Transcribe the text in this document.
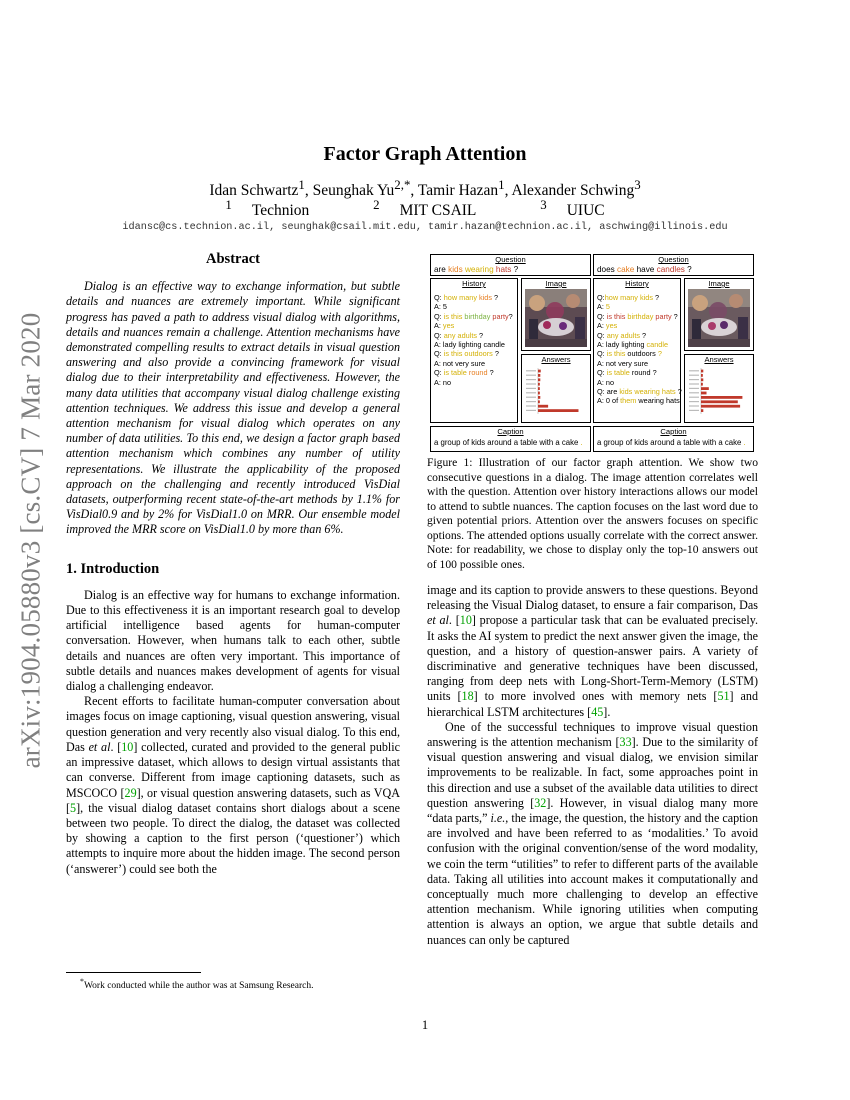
arXiv:1904.05880v3 [cs.CV] 7 Mar 2020
Factor Graph Attention
Idan Schwartz$^1$, Seunghak $Yu^{2,*}$, Tamir Hazan$^1$, Alexander Schwing$^3$
$^1$ Technion	$^2$ MIT CSAIL	$^3$ UIUC
idansc@cs.technion.ac.il, seunghak@csail.mit.edu, tamir.hazan@technion.ac.il, aschwing@illinois.edu
Abstract
Dialog is an effective way to exchange information, but subtle details and nuances are extremely important. While significant progress has paved a path to address visual dialog with algorithms, details and nuances remain a challenge. Attention mechanisms have demonstrated compelling results to extract details in visual question answering and also provide a convincing framework for visual dialog due to their interpretability and effectiveness. However, the many data utilities that accompany visual dialog challenge existing attention techniques. We address this issue and develop a general attention mechanism for visual dialog which operates on any number of data utilities. To this end, we design a factor graph based attention mechanism which combines any number of utility representations. We illustrate the applicability of the proposed approach on the challenging and recently introduced VisDial datasets, outperforming recent state-of-the-art methods by 1.1% for VisDial0.9 and by 2% for VisDial1.0 on MRR. Our ensemble model improved the MRR score on VisDial1.0 by more than 6%.
1. Introduction

Dialog is an effective way for humans to exchange information. Due to this effectiveness it is an important research goal to develop artificial intelligence based agents for human-computer conversation. However, when humans talk to each other, subtle details and nuances are often very important. This importance of subtle details and nuances makes development of agents for visual dialog a challenging endeavor.

Recent efforts to facilitate human-computer conversation about images focus on image captioning, visual question answering, visual question generation and very recently also visual dialog. To this end, Das et al. [10] collected, curated and provided to the general public an impressive dataset, which allows to design virtual assistants that can converse. Different from image captioning datasets, such as MSCOCO [29], or visual question answering datasets, such as VQA [5], the visual dialog dataset contains short dialogs about a scene between two people. To direct the dialog, the dataset was collected by showing a caption to the first person (‘questioner’) which attempts to inquire more about the hidden image. The second person (‘answerer’) could see both the

*Work conducted while the author was at Samsung Research.
Question
are kids wearing hats ?
History
Q: how many kids ?
A: 5
Q: is this birthday party?
A: yes
Q: any adults ?
A: lady lighting candle
Q: is this outdoors ?
A: not very sure
Q: is table round ?
A: no
Image
Answers
Caption
a group of kids around a table with a cake .
Question
does cake have candles ?
History
Q:how many kids ?
A: 5
Q: is this birthday party ?
A: yes
Q: any adults ?
A: lady lighting candle
Q: is this outdoors ?
A: not very sure
Q: is table round ?
A: no
Q: are kids wearing hats ?
A: 0 of them wearing hats
Image
Answers
Caption
a group of kids around a table with a cake .
Figure 1: Illustration of our factor graph attention. We show two consecutive questions in a dialog. The image attention correlates well with the question. Attention over history interactions allows our model to attend to subtle nuances. The caption focuses on the last word due to given potential priors. Attention over the answers focuses on specific options. The attended options usually correlate with the correct answer. Note: for readability, we chose to display only the top-10 answers out of 100 possible ones.

image and its caption to provide answers to these questions. Beyond releasing the Visual Dialog dataset, to ensure a fair comparison, Das et al. [10] propose a particular task that can be evaluated precisely. It asks the AI system to predict the next answer given the image, the question, and a history of question-answer pairs. A variety of discriminative and generative techniques have been discussed, ranging from deep nets with Long-Short-Term-Memory (LSTM) units [18] to more involved ones with memory nets [51] and hierarchical LSTM architectures [45].

One of the successful techniques to improve visual question answering is the attention mechanism [33]. Due to the similarity of visual question answering and visual dialog, we envision similar improvements to be realizable. In fact, some approaches point in this direction and use a subset of the available data utilities to direct question answering [32]. However, in visual dialog many more “data parts,” i.e., the image, the question, the history and the caption are involved and have been referred to as ‘modalities.’ To avoid confusion with the original convention/sense of the word modality, we coin the term “utilities” to refer to different parts of the available data. Taking all utilities into account makes it computationally and conceptually much more challenging to develop an effective attention mechanism. While ignoring utilities when computing attention is always an option, we argue that subtle details and nuances can only be captured

1
